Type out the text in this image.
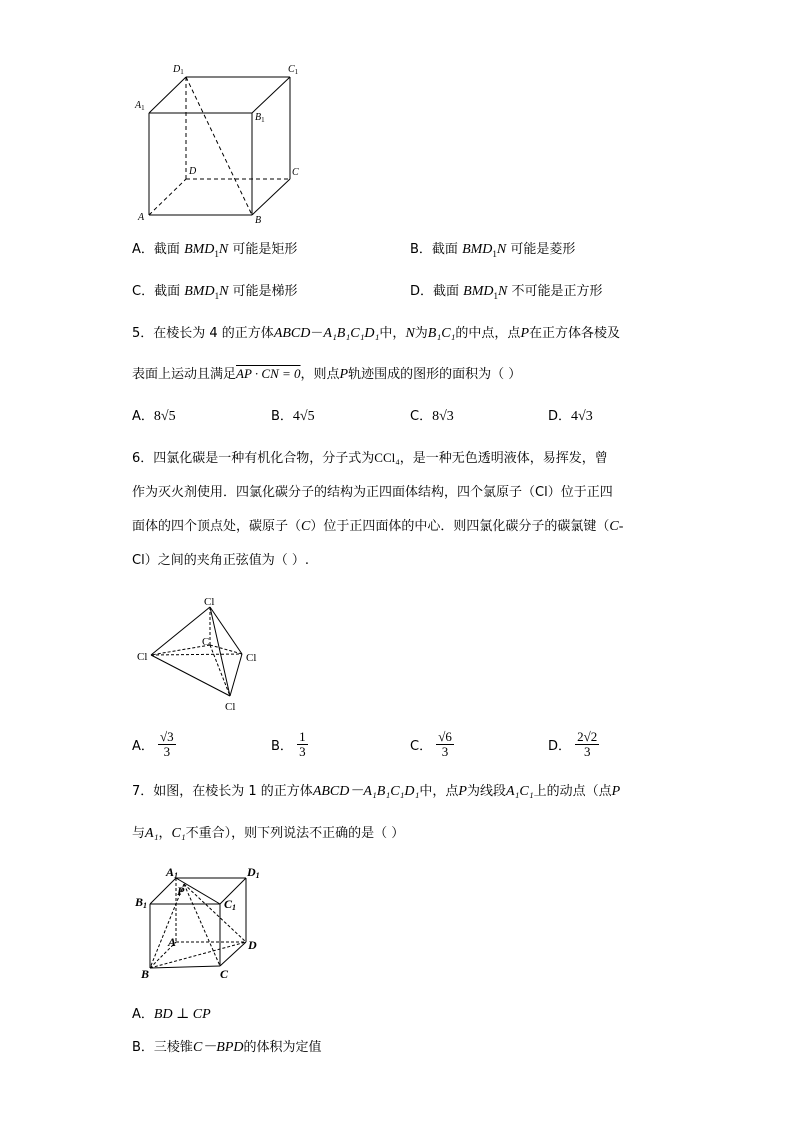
$D_1$	$C_1$
$A_1$
$B_1$
D	C
A	B
A．截面 $BMD_1N$ 可能是矩形	B．截面 $BMD_1N$ 可能是菱形
C．截面 $BMD_1N$ 可能是梯形	D．截面 $BMD_1N$ 不可能是正方形
5．在棱长为 4 的正方体ABCD－A₁B₁C₁D₁中，N为B₁C₁的中点，点P在正方体各棱及
表面上运动且满足AP · CN = 0，则点P轨迹围成的图形的面积为（ ）
A．8√5	B．4√5	C．8√3	D．4√3
6．四氯化碳是一种有机化合物，分子式为CCl₄，是一种无色透明液体，易挥发，曾
作为灭火剂使用．四氯化碳分子的结构为正四面体结构，四个氯原子（Cl）位于正四
面体的四个顶点处，碳原子（C）位于正四面体的中心．则四氯化碳分子的碳氯键（C-
Cl）之间的夹角正弦值为（ ）.
Cl
Cl	Cl
Cl
C
A． $\frac{√3}{3}$	B． $\frac{1}{3}$	C． $\frac{√6}{3}$	D． $\frac{2√2}{3}$
7．如图，在棱长为 1 的正方体ABCD－A₁B₁C₁D₁中，点P为线段A₁C₁上的动点（点P
与A₁，C₁不重合），则下列说法不正确的是（ ）
A1	D1
B1	C1
P
A	D
B	C
A．BD ⊥ CP
B．三棱锥C－BPD的体积为定值
